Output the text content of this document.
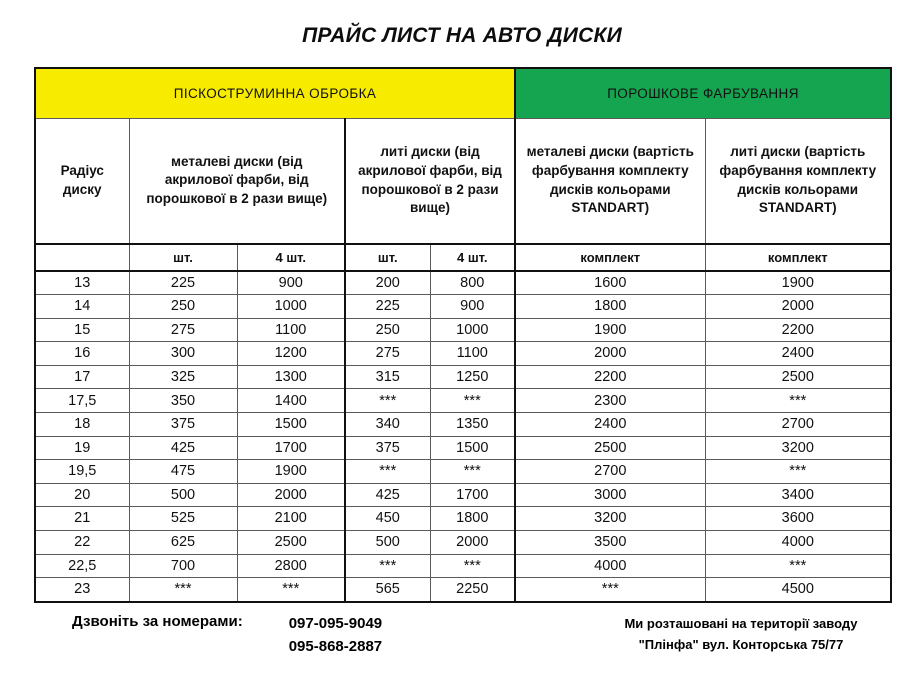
ПРАЙС ЛИСТ НА АВТО ДИСКИ
ПІСКОСТРУМИННА ОБРОБКА					ПОРОШКОВЕ ФАРБУВАННЯ	
Радіус диску	металеві диски (від акрилової фарби, від порошкової в 2 рази вище)		литі диски (від акрилової фарби, від порошкової в 2 рази вище)		металеві диски (вартість фарбування комплекту дисків кольорами STANDART)	литі диски (вартість фарбування комплекту дисків кольорами STANDART)
	шт.	4 шт.	шт.	4 шт.	комплект	комплект
13	225	900	200	800	1600	1900
14	250	1000	225	900	1800	2000
15	275	1100	250	1000	1900	2200
16	300	1200	275	1100	2000	2400
17	325	1300	315	1250	2200	2500
17,5	350	1400	***	***	2300	***
18	375	1500	340	1350	2400	2700
19	425	1700	375	1500	2500	3200
19,5	475	1900	***	***	2700	***
20	500	2000	425	1700	3000	3400
21	525	2100	450	1800	3200	3600
22	625	2500	500	2000	3500	4000
22,5	700	2800	***	***	4000	***
23	***	***	565	2250	***	4500
Дзвоніть за номерами:	097-095-9049
095-868-2887
Ми розташовані на території заводу
"Плінфа" вул. Конторська 75/77
